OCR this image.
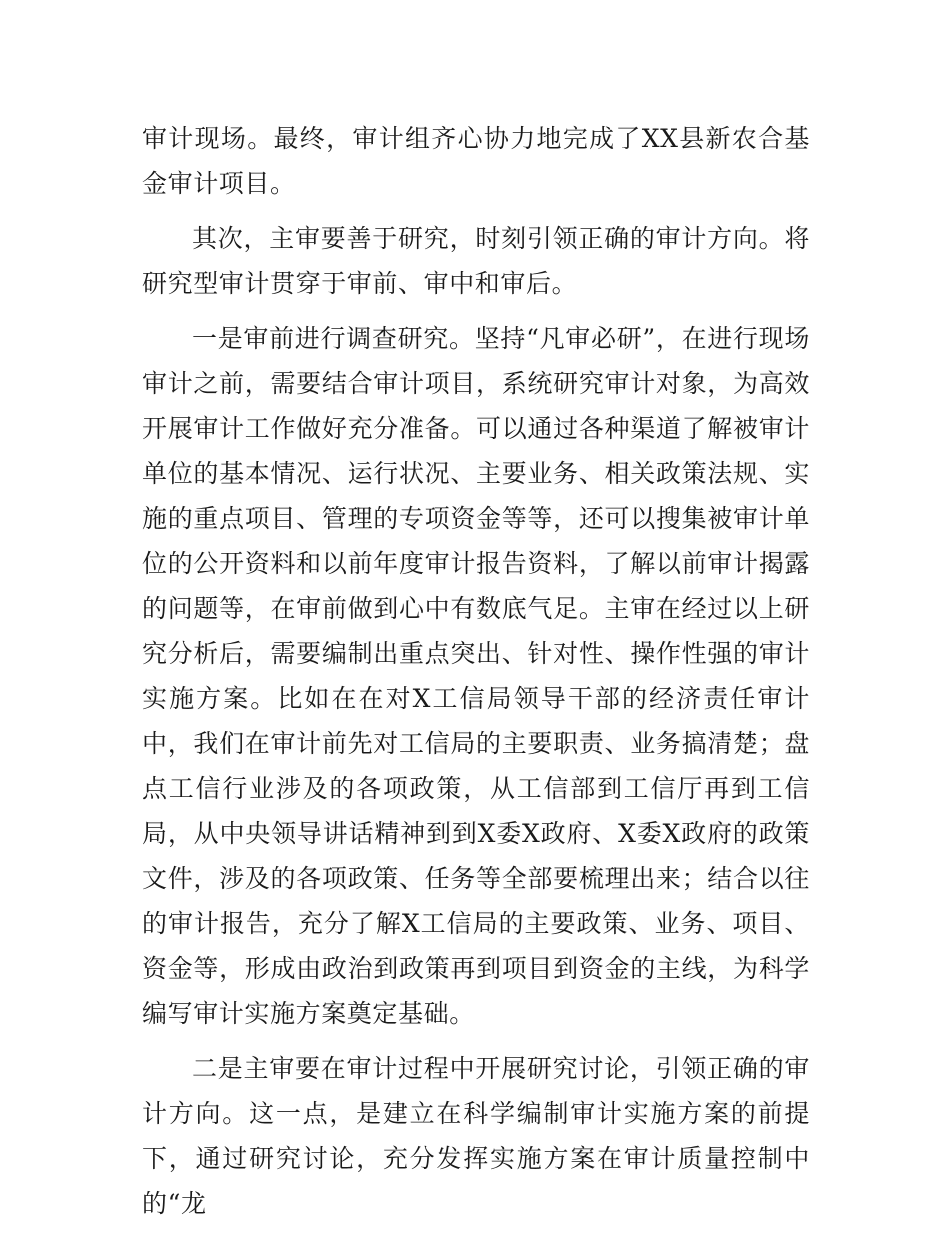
审计现场。最终，审计组齐心协力地完成了XX县新农合基金审计项目。

其次，主审要善于研究，时刻引领正确的审计方向。将研究型审计贯穿于审前、审中和审后。

一是审前进行调查研究。坚持“凡审必研”，在进行现场审计之前，需要结合审计项目，系统研究审计对象，为高效开展审计工作做好充分准备。可以通过各种渠道了解被审计单位的基本情况、运行状况、主要业务、相关政策法规、实施的重点项目、管理的专项资金等等，还可以搜集被审计单位的公开资料和以前年度审计报告资料，了解以前审计揭露的问题等，在审前做到心中有数底气足。主审在经过以上研究分析后，需要编制出重点突出、针对性、操作性强的审计实施方案。比如在在对X工信局领导干部的经济责任审计中，我们在审计前先对工信局的主要职责、业务搞清楚；盘点工信行业涉及的各项政策，从工信部到工信厅再到工信局，从中央领导讲话精神到到X委X政府、X委X政府的政策文件，涉及的各项政策、任务等全部要梳理出来；结合以往的审计报告，充分了解X工信局的主要政策、业务、项目、资金等，形成由政治到政策再到项目到资金的主线，为科学编写审计实施方案奠定基础。

二是主审要在审计过程中开展研究讨论，引领正确的审计方向。这一点，是建立在科学编制审计实施方案的前提下，通过研究讨论，充分发挥实施方案在审计质量控制中的“龙
